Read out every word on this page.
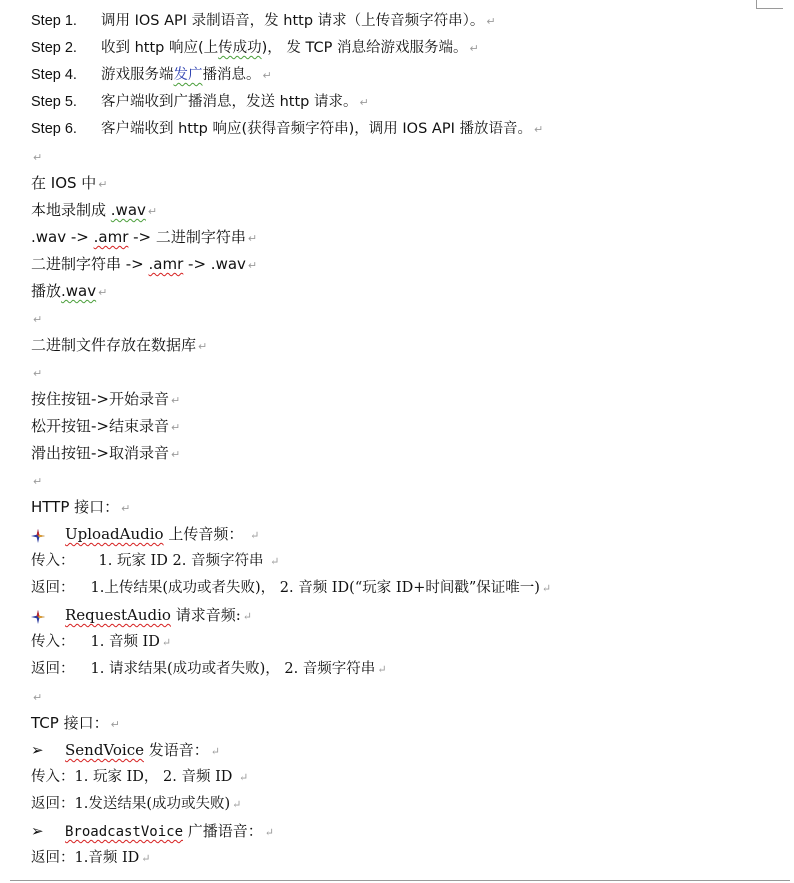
Step 1. 调用 IOS API 录制语音，发 http 请求（上传音频字符串）。 ↵
Step 2. 收到 http 响应(上传成功)， 发 TCP 消息给游戏服务端。 ↵
Step 4. 游戏服务端发广播消息。 ↵
Step 5. 客户端收到广播消息，发送 http 请求。 ↵
Step 6. 客户端收到 http 响应(获得音频字符串)，调用 IOS API 播放语音。 ↵
↵
在 IOS 中 ↵
本地录制成 .wav ↵
.wav -> .amr -> 二进制字符串 ↵
二进制字符串 -> .amr -> .wav ↵
播放.wav ↵
↵
二进制文件存放在数据库 ↵
↵
按住按钮->开始录音 ↵
松开按钮->结束录音 ↵
滑出按钮->取消录音 ↵
↵
HTTP 接口： ↵
UploadAudio 上传音频： ↵
传入： 1. 玩家 ID 2. 音频字符串 ↵
返回： 1.上传结果(成功或者失败)， 2. 音频 ID(“玩家 ID+时间戳”保证唯一) ↵
RequestAudio 请求音频: ↵
传入： 1. 音频 ID ↵
返回： 1. 请求结果(成功或者失败)， 2. 音频字符串 ↵
↵
TCP 接口： ↵
➢ SendVoice 发语音： ↵
传入：1. 玩家 ID， 2. 音频 ID ↵
返回：1.发送结果(成功或失败) ↵
➢ BroadcastVoice 广播语音： ↵
返回：1.音频 ID ↵
